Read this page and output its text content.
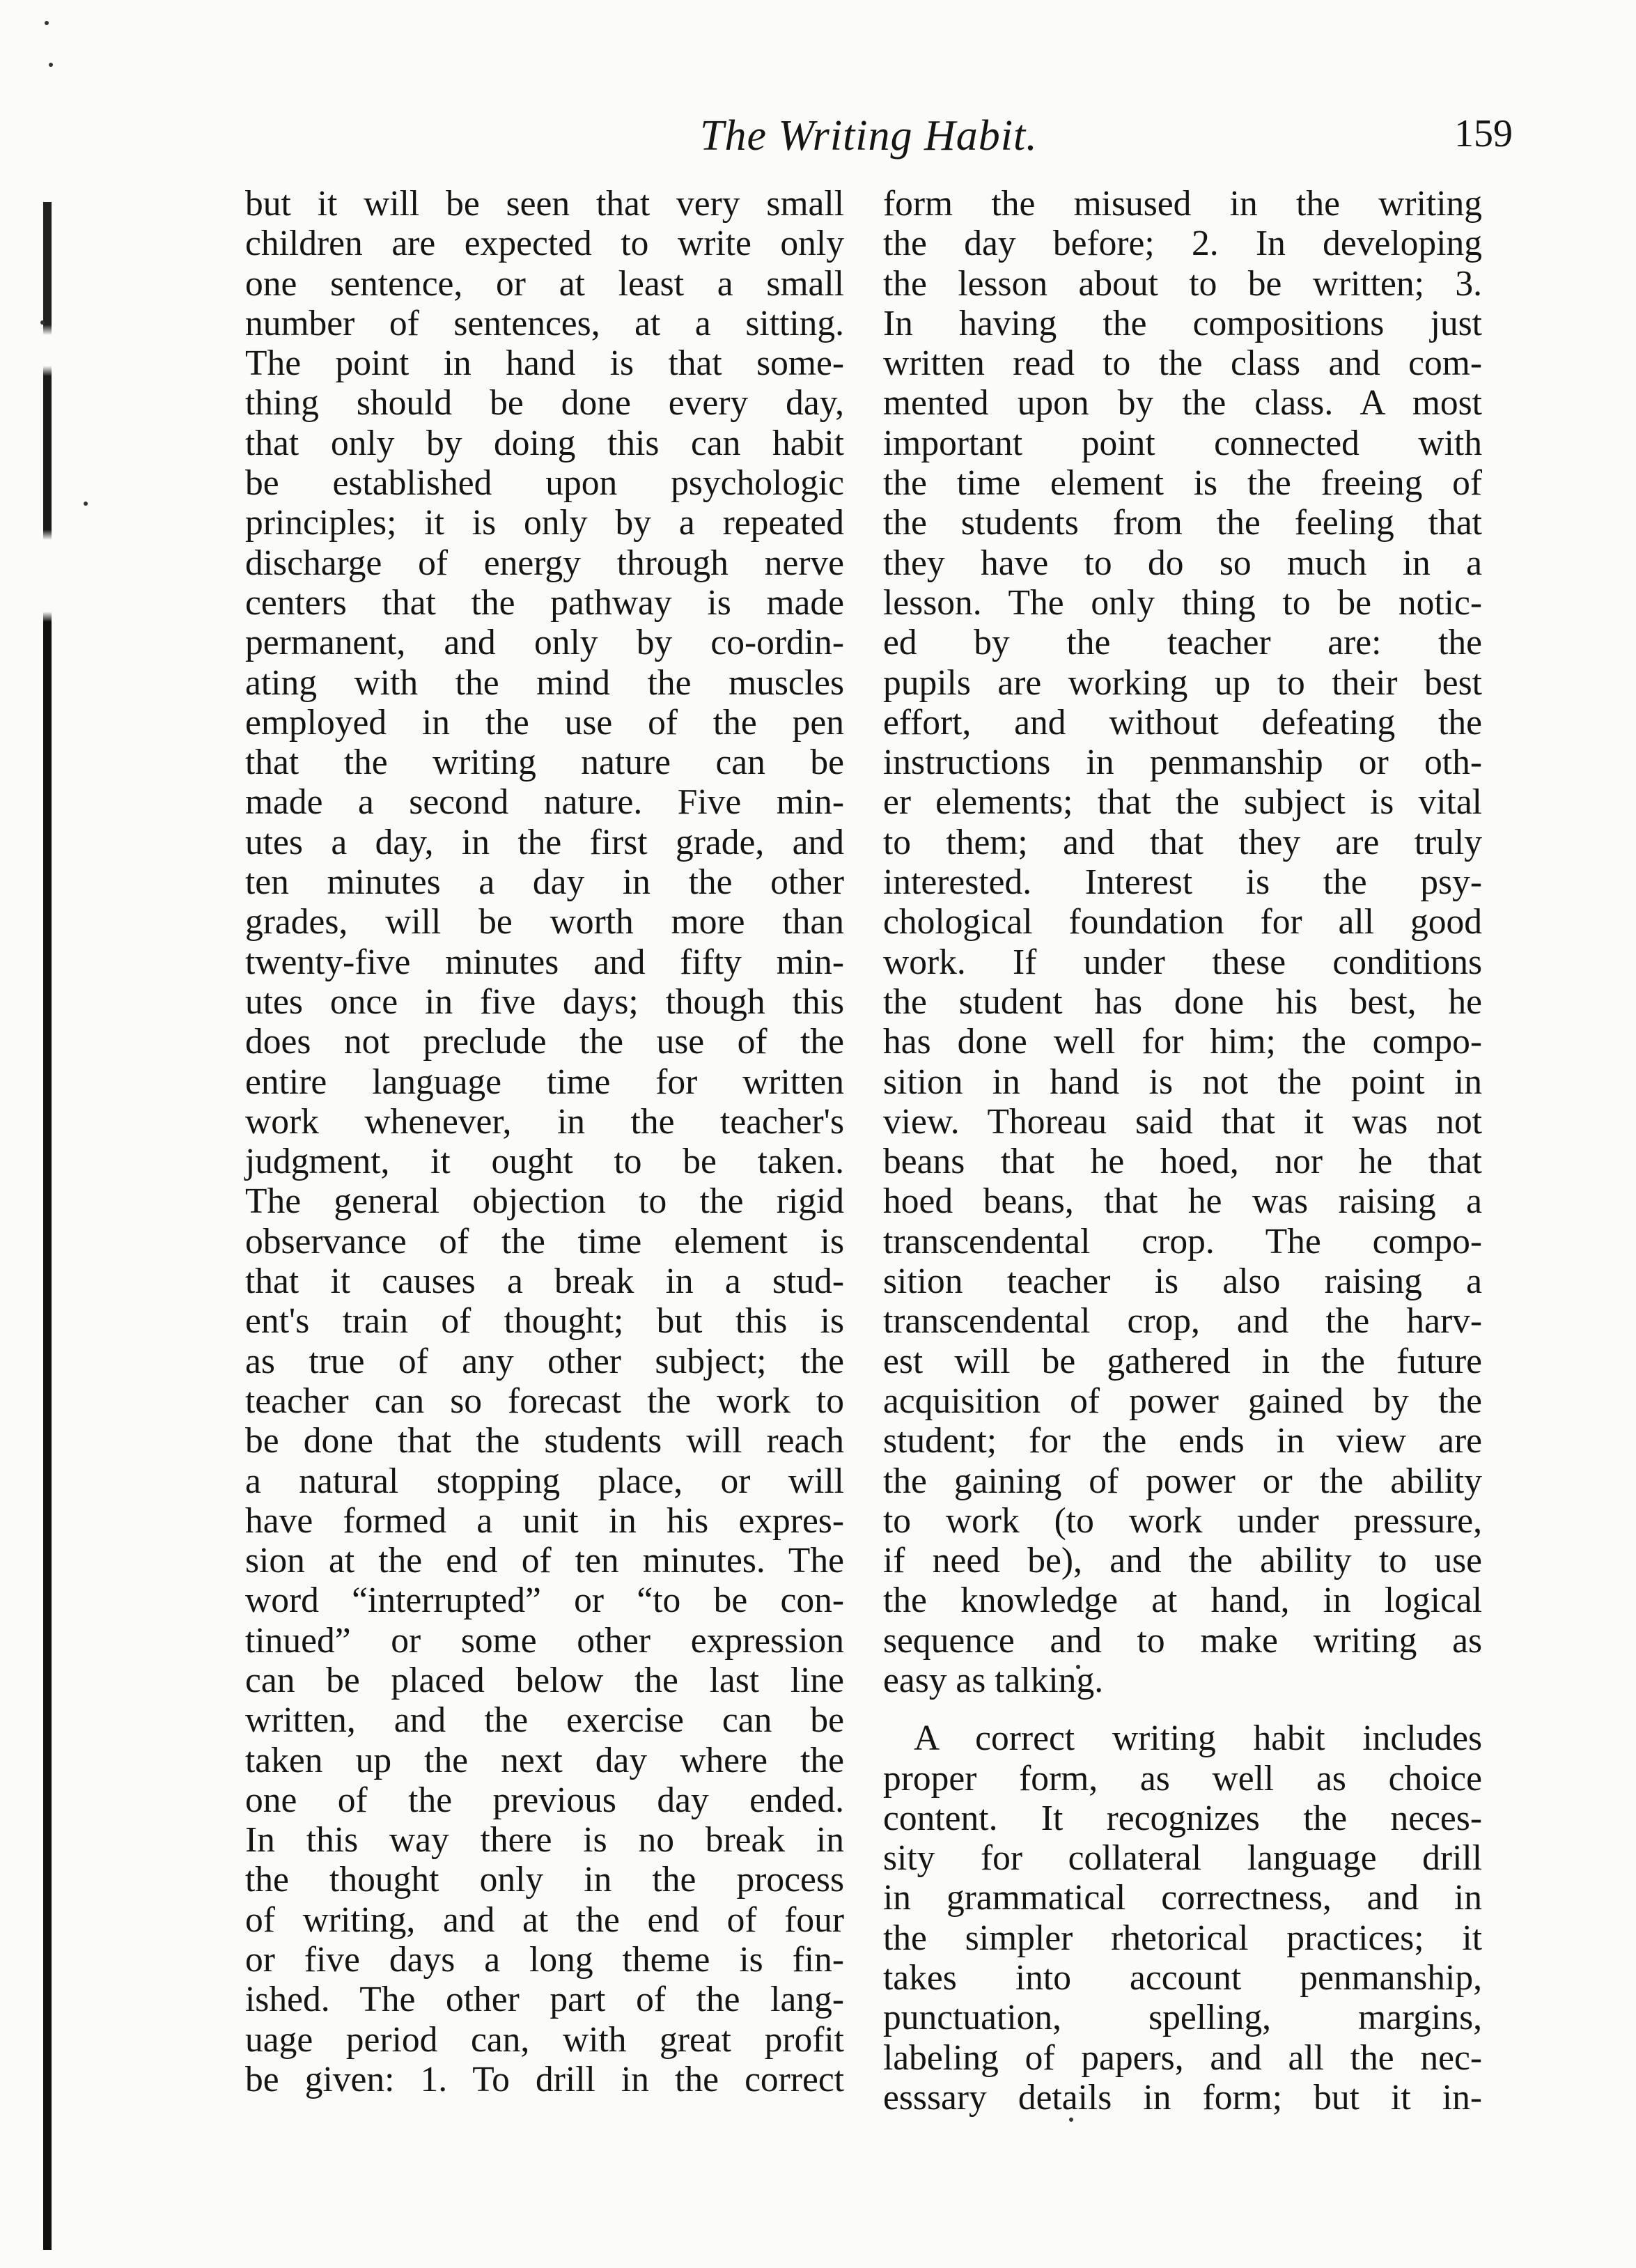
The Writing Habit.	159
but it will be seen that very small
children are expected to write only
one sentence, or at least a small
number of sentences, at a sitting.
The point in hand is that some-
thing should be done every day,
that only by doing this can habit
be established upon psychologic
principles; it is only by a repeated
discharge of energy through nerve
centers that the pathway is made
permanent, and only by co-ordin-
ating with the mind the muscles
employed in the use of the pen
that the writing nature can be
made a second nature. Five min-
utes a day, in the first grade, and
ten minutes a day in the other
grades, will be worth more than
twenty-five minutes and fifty min-
utes once in five days; though this
does not preclude the use of the
entire language time for written
work whenever, in the teacher's
judgment, it ought to be taken.
The general objection to the rigid
observance of the time element is
that it causes a break in a stud-
ent's train of thought; but this is
as true of any other subject; the
teacher can so forecast the work to
be done that the students will reach
a natural stopping place, or will
have formed a unit in his expres-
sion at the end of ten minutes. The
word “interrupted” or “to be con-
tinued” or some other expression
can be placed below the last line
written, and the exercise can be
taken up the next day where the
one of the previous day ended.
In this way there is no break in
the thought only in the process
of writing, and at the end of four
or five days a long theme is fin-
ished. The other part of the lang-
uage period can, with great profit
be given: 1. To drill in the correct
form the misused in the writing
the day before; 2. In developing
the lesson about to be written; 3.
In having the compositions just
written read to the class and com-
mented upon by the class. A most
important point connected with
the time element is the freeing of
the students from the feeling that
they have to do so much in a
lesson. The only thing to be notic-
ed by the teacher are: the
pupils are working up to their best
effort, and without defeating the
instructions in penmanship or oth-
er elements; that the subject is vital
to them; and that they are truly
interested. Interest is the psy-
chological foundation for all good
work. If under these conditions
the student has done his best, he
has done well for him; the compo-
sition in hand is not the point in
view. Thoreau said that it was not
beans that he hoed, nor he that
hoed beans, that he was raising a
transcendental crop. The compo-
sition teacher is also raising a
transcendental crop, and the harv-
est will be gathered in the future
acquisition of power gained by the
student; for the ends in view are
the gaining of power or the ability
to work (to work under pressure,
if need be), and the ability to use
the knowledge at hand, in logical
sequence and to make writing as
easy as talking.
A correct writing habit includes
proper form, as well as choice
content. It recognizes the neces-
sity for collateral language drill
in grammatical correctness, and in
the simpler rhetorical practices; it
takes into account penmanship,
punctuation, spelling, margins,
labeling of papers, and all the nec-
esssary details in form; but it in-
